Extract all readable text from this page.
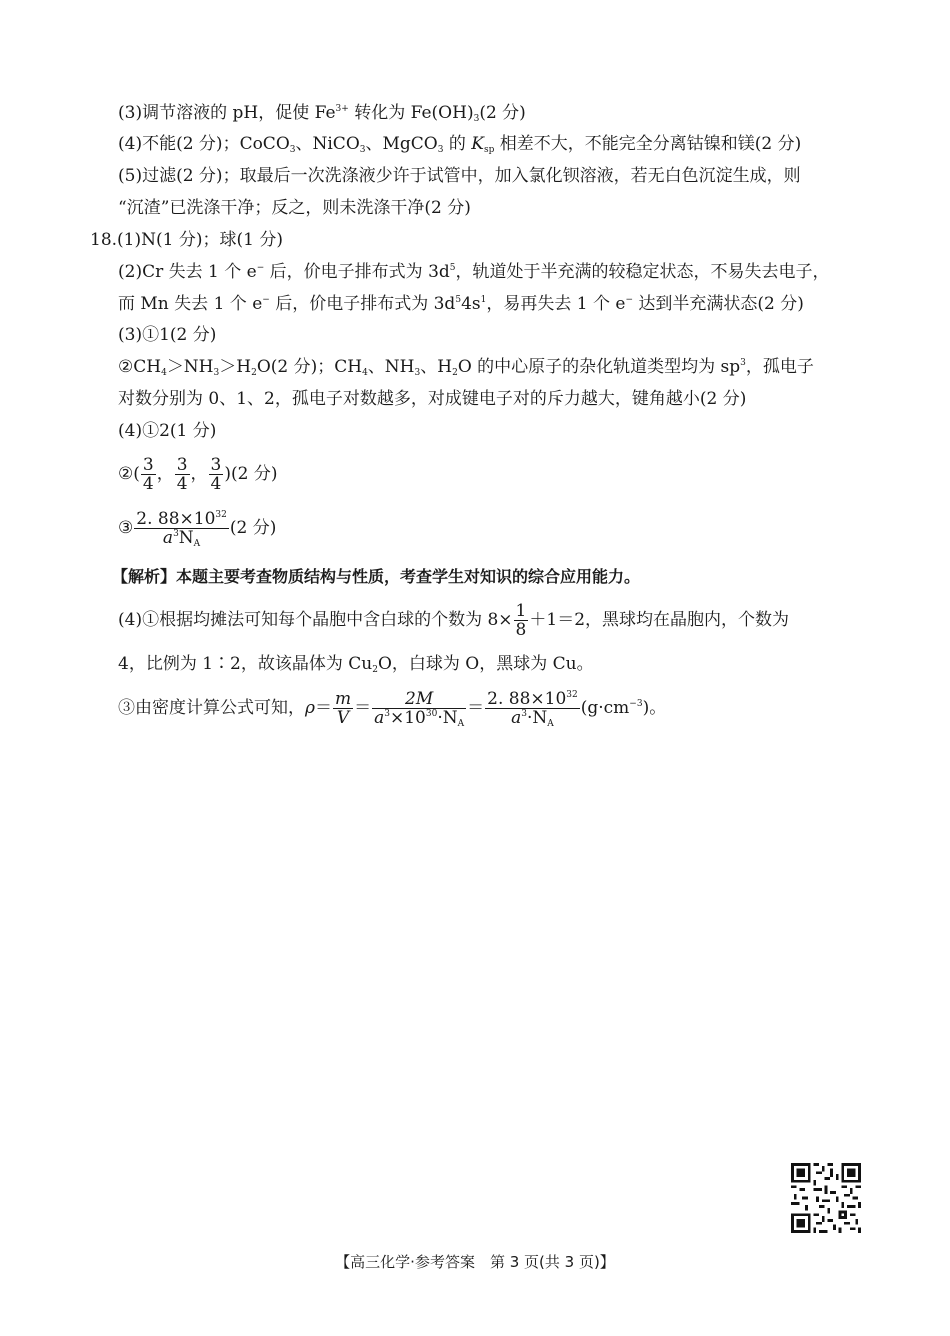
(3)调节溶液的 pH，促使 $Fe^{3+}$ 转化为 $Fe(OH)_3(2$ 分)
(4)不能(2 分)；CoCO$_3$、NiCO$_3$、MgCO$_3$ 的 $K_{sp}$ 相差不大，不能完全分离钴镍和镁(2 分)
(5)过滤(2 分)；取最后一次洗涤液少许于试管中，加入氯化钡溶液，若无白色沉淀生成，则
“沉渣”已洗涤干净；反之，则未洗涤干净(2 分)
18.(1)N(1 分)；球(1 分)
(2)Cr 失去 1 个 e− 后，价电子排布式为 $3d^5$，轨道处于半充满的较稳定状态，不易失去电子，
而 Mn 失去 1 个 e− 后，价电子排布式为 $3d^54s^1$，易再失去 1 个 e− 达到半充满状态(2 分)
(3)①1(2 分)
$②CH_4>NH_3>H_2O(2$ 分)；$CH_4$、$NH_3$、$H_2O$ 的中心原子的杂化轨道类型均为 $sp^3$，孤电子
对数分别为 0、1、2，孤电子对数越多，对成键电子对的斥力越大，键角越小(2 分)
(4)①2(1 分)
②( $\frac{3}{4}$ ， $\frac{3}{4}$ ， $\frac{3}{4} )(2$ 分)
③ $\frac{2. 88\times 10^{32}}{a^3N_A} (2$ 分)
【解析】本题主要考查物质结构与性质，考查学生对知识的综合应用能力。
(4)①根据均摊法可知每个晶胞中含白球的个数为 $8\times \frac{1}{8} +1=2$，黑球均在晶胞内，个数为
4，比例为 1∶2，故该晶体为 $Cu_2O$，白球为 O，黑球为 Cu。
③由密度计算公式可知，$\rho= \frac{m}{V} = \frac{2M}{a^3\times 10^{30}\cdot N_A} = \frac{2. 88\times 10^{32}}{a^3\cdot N_A} (g\cdot cm^{-3})$。
【高三化学·参考答案　第 3 页(共 3 页)】
